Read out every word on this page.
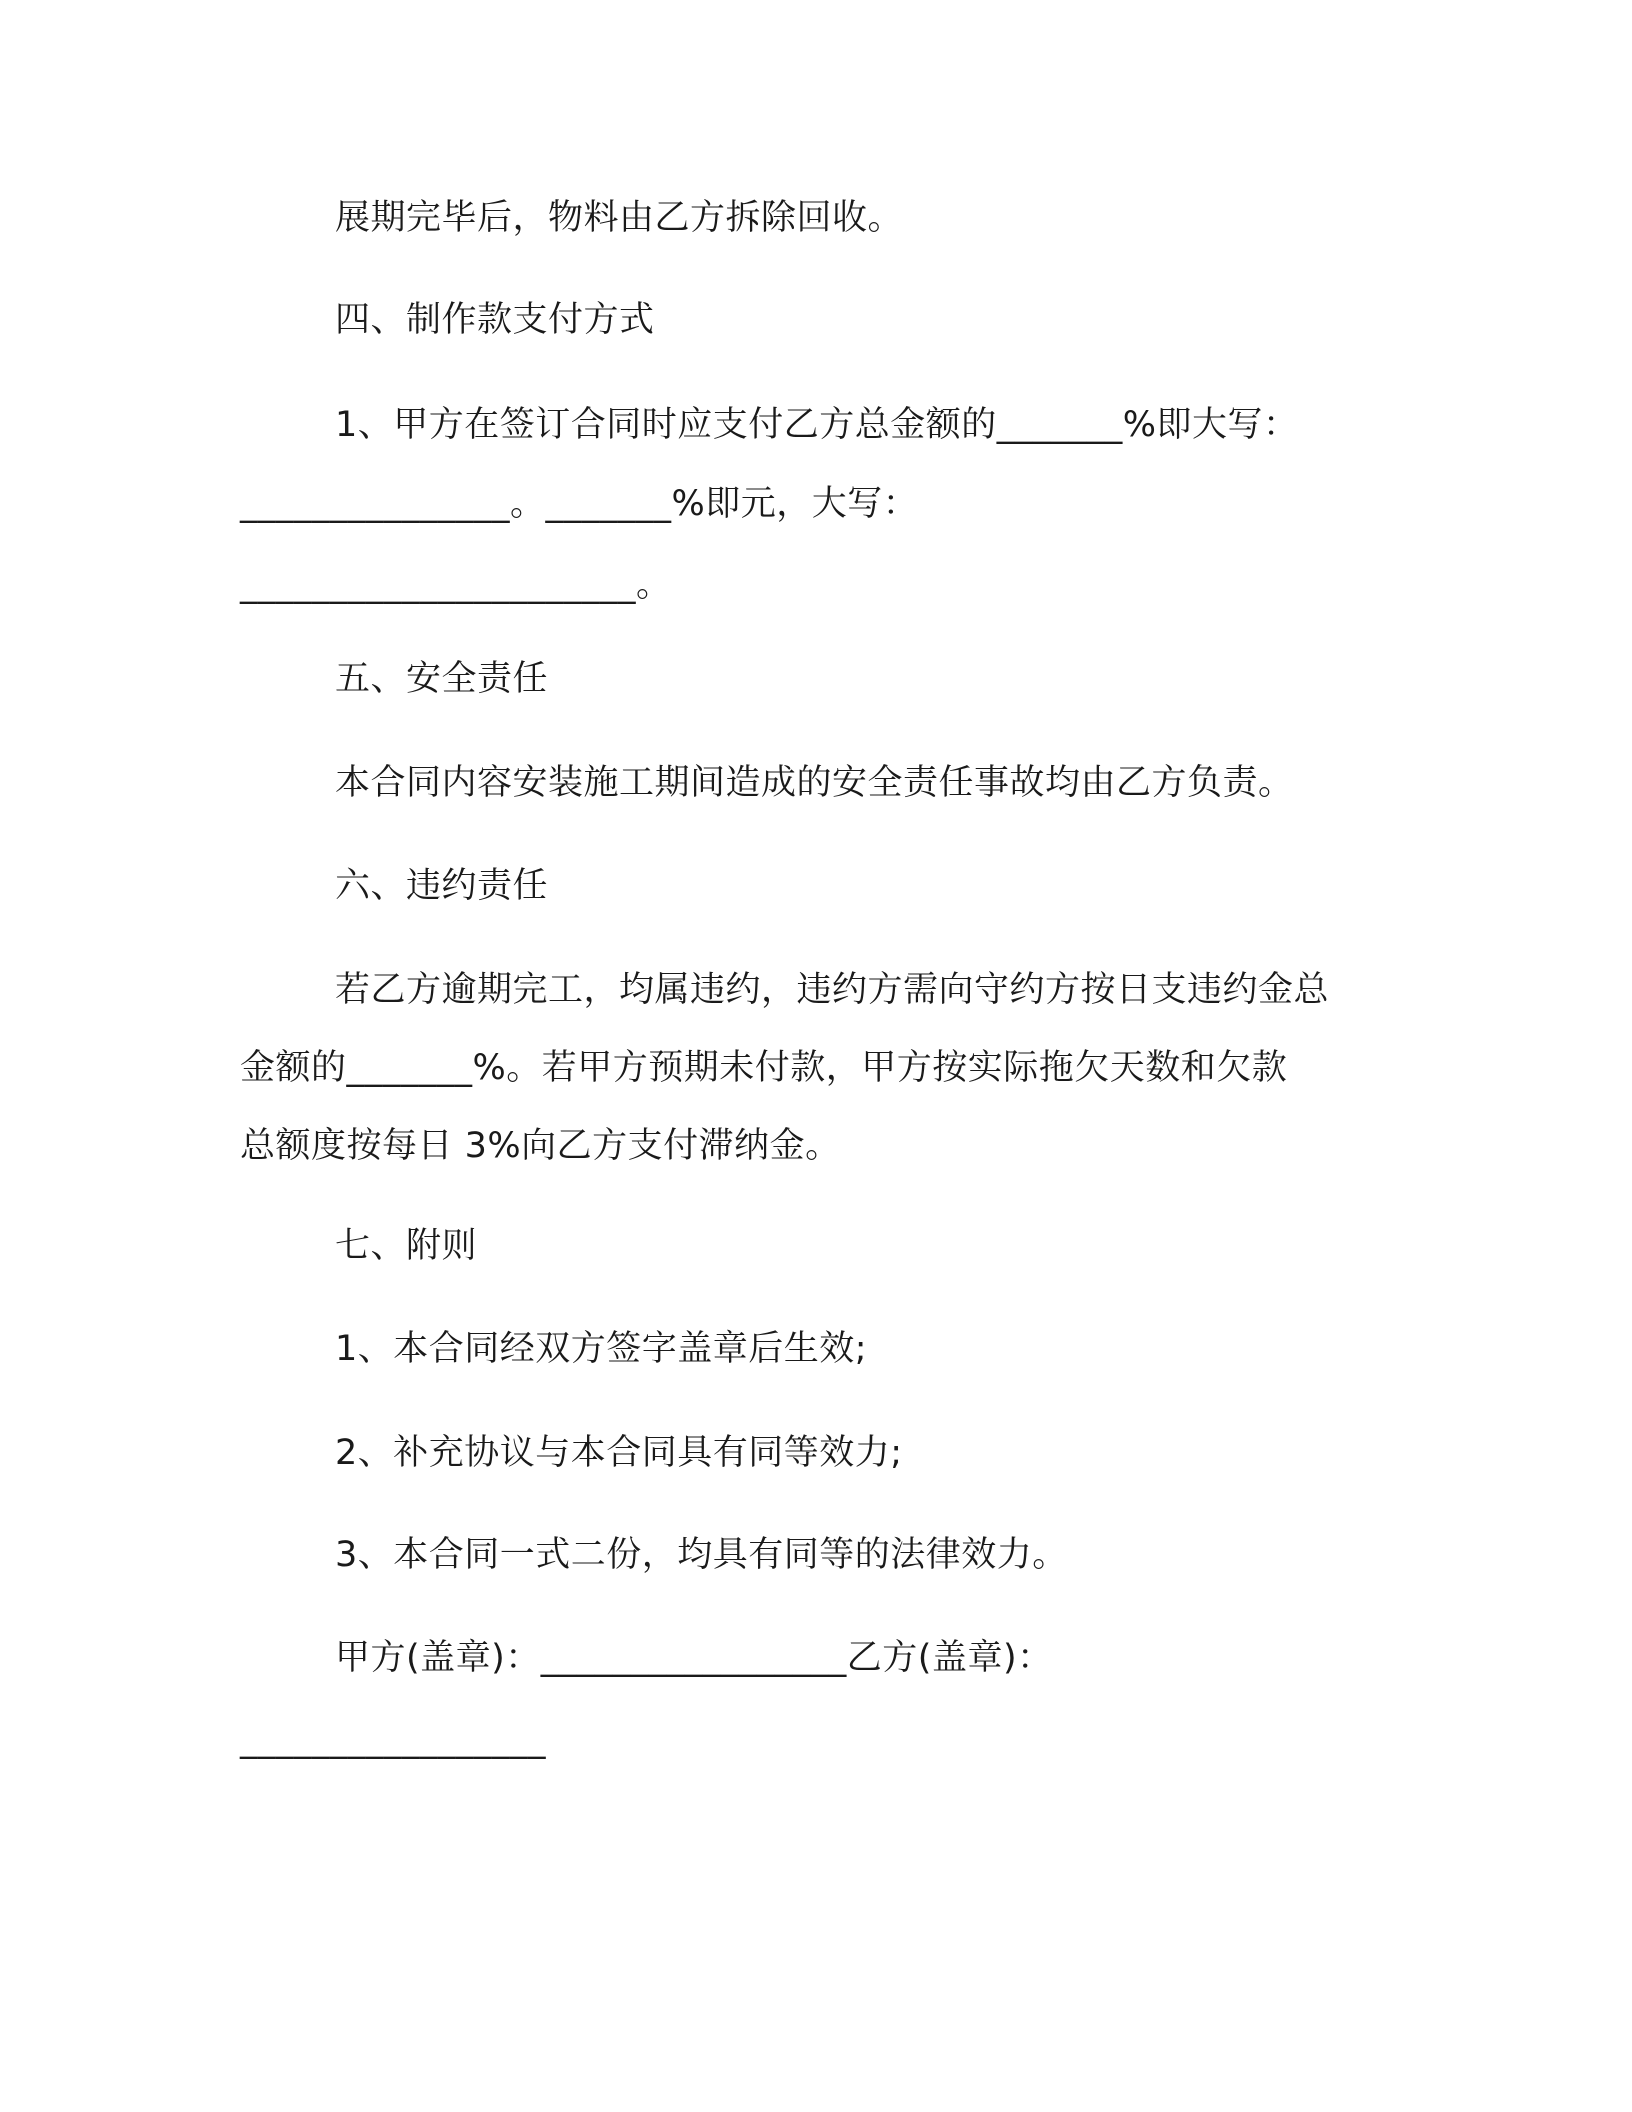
展期完毕后，物料由乙方拆除回收。
四、制作款支付方式
1、甲方在签订合同时应支付乙方总金额的_______%即大写：
_______________。_______%即元，大写：
______________________。
五、安全责任
本合同内容安装施工期间造成的安全责任事故均由乙方负责。
六、违约责任
若乙方逾期完工，均属违约，违约方需向守约方按日支违约金总
金额的_______%。若甲方预期未付款，甲方按实际拖欠天数和欠款
总额度按每日 3%向乙方支付滞纳金。
七、附则
1、本合同经双方签字盖章后生效;
2、补充协议与本合同具有同等效力;
3、本合同一式二份，均具有同等的法律效力。
甲方(盖章)：_________________乙方(盖章)：
_________________
